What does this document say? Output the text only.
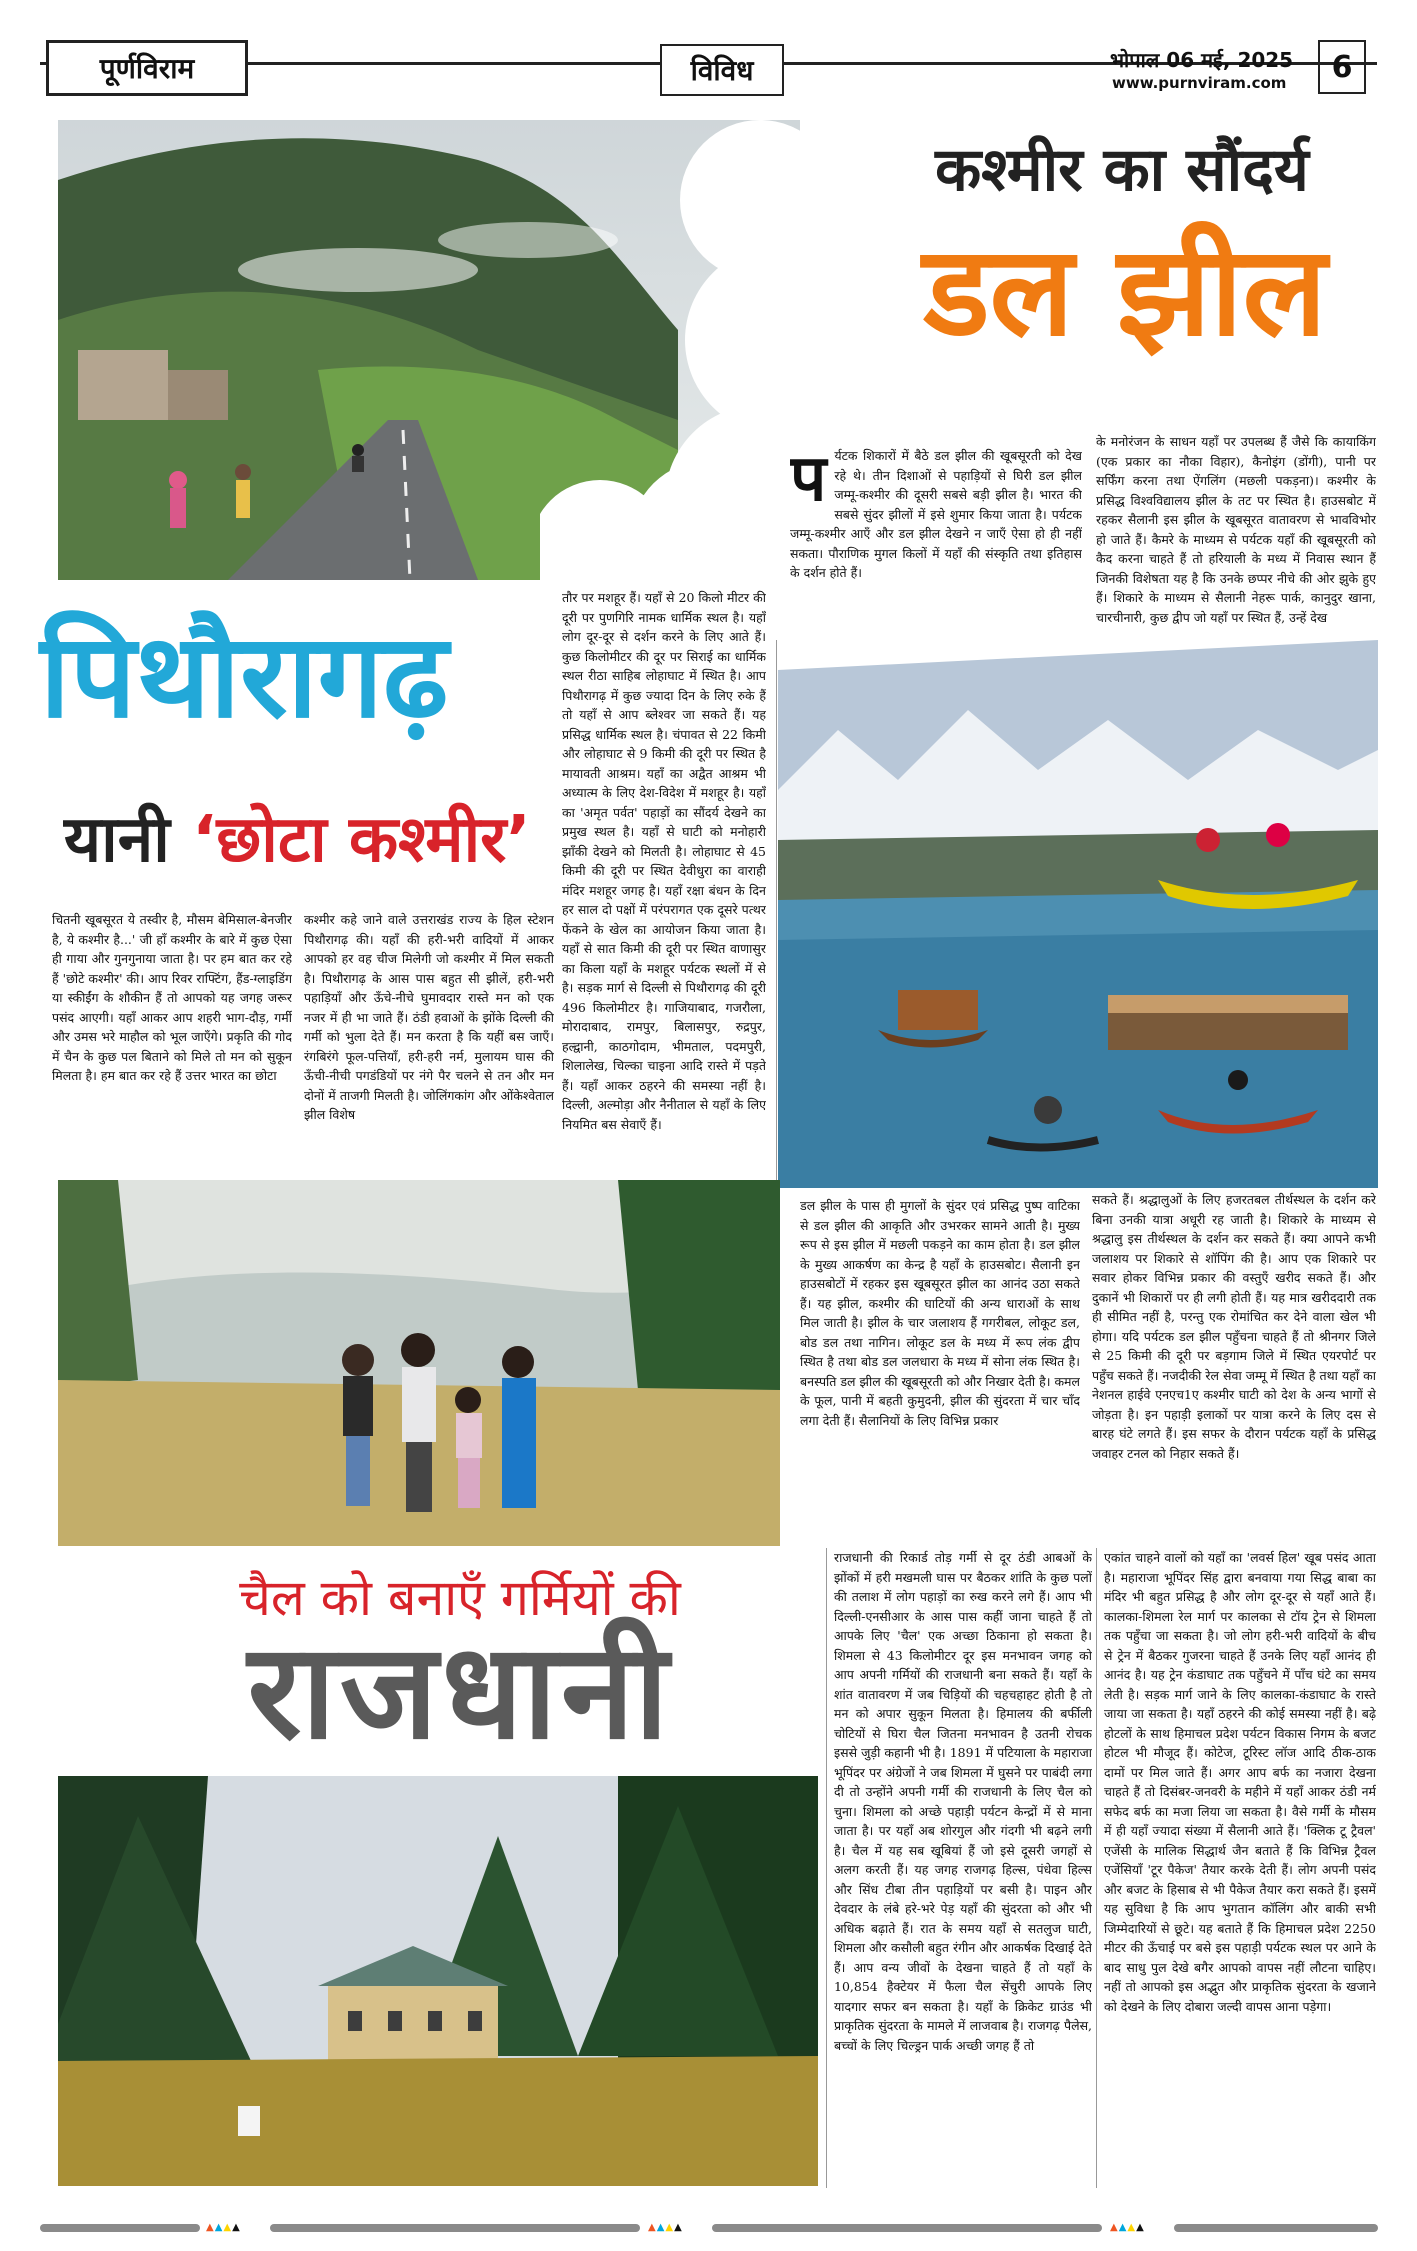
पूर्णविराम	विविध	भोपाल 06 मई, 2025
www.purnviram.com	6
कश्मीर का सौंदर्य
डल झील
प र्यटक शिकारों में बैठे डल झील की खूबसूरती को देख रहे थे। तीन दिशाओं से पहाड़ियों से घिरी डल झील जम्मू-कश्मीर की दूसरी सबसे बड़ी झील है। भारत की सबसे सुंदर झीलों में इसे शुमार किया जाता है। पर्यटक जम्मू-कश्मीर आएँ और डल झील देखने न जाएँ ऐसा हो ही नहीं सकता। पौराणिक मुगल किलों में यहाँ की संस्कृति तथा इतिहास के दर्शन होते हैं।
के मनोरंजन के साधन यहाँ पर उपलब्ध हैं जैसे कि कायाकिंग (एक प्रकार का नौका विहार), कैनोइंग (डोंगी), पानी पर सर्फिंग करना तथा ऐंगलिंग (मछली पकड़ना)। कश्मीर के प्रसिद्ध विश्वविद्यालय झील के तट पर स्थित है। हाउसबोट में रहकर सैलानी इस झील के खूबसूरत वातावरण से भावविभोर हो जाते हैं। कैमरे के माध्यम से पर्यटक यहाँ की खूबसूरती को कैद करना चाहते हैं तो हरियाली के मध्य में निवास स्थान हैं जिनकी विशेषता यह है कि उनके छप्पर नीचे की ओर झुके हुए हैं। शिकारे के माध्यम से सैलानी नेहरू पार्क, कानुदुर खाना, चारचीनारी, कुछ द्वीप जो यहाँ पर स्थित हैं, उन्हें देख
पिथौरागढ़
यानी ‘छोटा कश्मीर’
चितनी खूबसूरत ये तस्वीर है, मौसम बेमिसाल-बेनजीर है, ये कश्मीर है...' जी हाँ कश्मीर के बारे में कुछ ऐसा ही गाया और गुनगुनाया जाता है। पर हम बात कर रहे हैं 'छोटे कश्मीर' की। आप रिवर राफ्टिंग, हैंड-ग्लाइडिंग या स्कीईंग के शौकीन हैं तो आपको यह जगह जरूर पसंद आएगी। यहाँ आकर आप शहरी भाग-दौड़, गर्मी और उमस भरे माहौल को भूल जाएँगे। प्रकृति की गोद में चैन के कुछ पल बिताने को मिले तो मन को सुकून मिलता है। हम बात कर रहे हैं उत्तर भारत का छोटा
कश्मीर कहे जाने वाले उत्तराखंड राज्य के हिल स्टेशन पिथौरागढ़ की। यहाँ की हरी-भरी वादियों में आकर आपको हर वह चीज मिलेगी जो कश्मीर में मिल सकती है। पिथौरागढ़ के आस पास बहुत सी झीलें, हरी-भरी पहाड़ियाँ और ऊँचे-नीचे घुमावदार रास्ते मन को एक नजर में ही भा जाते हैं। ठंडी हवाओं के झोंके दिल्ली की गर्मी को भुला देते हैं। मन करता है कि यहीं बस जाएँ। रंगबिरंगे फूल-पत्तियाँ, हरी-हरी नर्म, मुलायम घास की ऊँची-नीची पगडंडियों पर नंगे पैर चलने से तन और मन दोनों में ताजगी मिलती है। जोलिंगकांग और ओंकेश्वेताल झील विशेष
तौर पर मशहूर हैं। यहाँ से 20 किलो मीटर की दूरी पर पुणगिरि नामक धार्मिक स्थल है। यहाँ लोग दूर-दूर से दर्शन करने के लिए आते हैं। कुछ किलोमीटर की दूर पर सिराई का धार्मिक स्थल रीठा साहिब लोहाघाट में स्थित है। आप पिथौरागढ़ में कुछ ज्यादा दिन के लिए रुके हैं तो यहाँ से आप ब्लेश्वर जा सकते हैं। यह प्रसिद्ध धार्मिक स्थल है। चंपावत से 22 किमी और लोहाघाट से 9 किमी की दूरी पर स्थित है मायावती आश्रम। यहाँ का अद्वैत आश्रम भी अध्यात्म के लिए देश-विदेश में मशहूर है। यहाँ का 'अमृत पर्वत' पहाड़ों का सौंदर्य देखने का प्रमुख स्थल है। यहाँ से घाटी को मनोहारी झाँकी देखने को मिलती है। लोहाघाट से 45 किमी की दूरी पर स्थित देवीधुरा का वाराही मंदिर मशहूर जगह है। यहाँ रक्षा बंधन के दिन हर साल दो पक्षों में परंपरागत एक दूसरे पत्थर फेंकने के खेल का आयोजन किया जाता है। यहाँ से सात किमी की दूरी पर स्थित वाणासुर का किला यहाँ के मशहूर पर्यटक स्थलों में से है। सड़क मार्ग से दिल्ली से पिथौरागढ़ की दूरी 496 किलोमीटर है। गाजियाबाद, गजरौला, मोरादाबाद, रामपुर, बिलासपुर, रुद्रपुर, हल्द्वानी, काठगोदाम, भीमताल, पदमपुरी, शिलालेख, चिल्का चाइना आदि रास्ते में पड़ते हैं। यहाँ आकर ठहरने की समस्या नहीं है। दिल्ली, अल्मोड़ा और नैनीताल से यहाँ के लिए नियमित बस सेवाएँ हैं।
डल झील के पास ही मुगलों के सुंदर एवं प्रसिद्ध पुष्प वाटिका से डल झील की आकृति और उभरकर सामने आती है। मुख्य रूप से इस झील में मछली पकड़ने का काम होता है। डल झील के मुख्य आकर्षण का केन्द्र है यहाँ के हाउसबोट। सैलानी इन हाउसबोटों में रहकर इस खूबसूरत झील का आनंद उठा सकते हैं। यह झील, कश्मीर की घाटियों की अन्य धाराओं के साथ मिल जाती है। झील के चार जलाशय हैं गगरीबल, लोकूट डल, बोड डल तथा नागिन। लोकूट डल के मध्य में रूप लंक द्वीप स्थित है तथा बोड डल जलधारा के मध्य में सोना लंक स्थित है। बनस्पति डल झील की खूबसूरती को और निखार देती है। कमल के फूल, पानी में बहती कुमुदनी, झील की सुंदरता में चार चाँद लगा देती हैं। सैलानियों के लिए विभिन्न प्रकार
सकते हैं। श्रद्धालुओं के लिए हजरतबल तीर्थस्थल के दर्शन करे बिना उनकी यात्रा अधूरी रह जाती है। शिकारे के माध्यम से श्रद्धालु इस तीर्थस्थल के दर्शन कर सकते हैं। क्या आपने कभी जलाशय पर शिकारे से शॉपिंग की है। आप एक शिकारे पर सवार होकर विभिन्न प्रकार की वस्तुएँ खरीद सकते हैं। और दुकानें भी शिकारों पर ही लगी होती हैं। यह मात्र खरीददारी तक ही सीमित नहीं है, परन्तु एक रोमांचित कर देने वाला खेल भी होगा। यदि पर्यटक डल झील पहुँचना चाहते हैं तो श्रीनगर जिले से 25 किमी की दूरी पर बड़गाम जिले में स्थित एयरपोर्ट पर पहुँच सकते हैं। नजदीकी रेल सेवा जम्मू में स्थित है तथा यहाँ का नेशनल हाईवे एनएच1ए कश्मीर घाटी को देश के अन्य भागों से जोड़ता है। इन पहाड़ी इलाकों पर यात्रा करने के लिए दस से बारह घंटे लगते हैं। इस सफर के दौरान पर्यटक यहाँ के प्रसिद्ध जवाहर टनल को निहार सकते हैं।
चैल को बनाएँ गर्मियों की
राजधानी
राजधानी की रिकार्ड तोड़ गर्मी से दूर ठंडी आबओं के झोंकों में हरी मखमली घास पर बैठकर शांति के कुछ पलों की तलाश में लोग पहाड़ों का रुख करने लगे हैं। आप भी दिल्ली-एनसीआर के आस पास कहीं जाना चाहते हैं तो आपके लिए 'चैल' एक अच्छा ठिकाना हो सकता है। शिमला से 43 किलोमीटर दूर इस मनभावन जगह को आप अपनी गर्मियों की राजधानी बना सकते हैं। यहाँ के शांत वातावरण में जब चिड़ियों की चहचहाहट होती है तो मन को अपार सुकून मिलता है। हिमालय की बर्फीली चोटियों से घिरा चैल जितना मनभावन है उतनी रोचक इससे जुड़ी कहानी भी है। 1891 में पटियाला के महाराजा भूपिंदर पर अंग्रेजों ने जब शिमला में घुसने पर पाबंदी लगा दी तो उन्होंने अपनी गर्मी की राजधानी के लिए चैल को चुना। शिमला को अच्छे पहाड़ी पर्यटन केन्द्रों में से माना जाता है। पर यहाँ अब शोरगुल और गंदगी भी बढ़ने लगी है। चैल में यह सब खूबियां हैं जो इसे दूसरी जगहों से अलग करती हैं। यह जगह राजगढ़ हिल्स, पंधेवा हिल्स और सिंध टीबा तीन पहाड़ियों पर बसी है। पाइन और देवदार के लंबे हरे-भरे पेड़ यहाँ की सुंदरता को और भी अधिक बढ़ाते हैं। रात के समय यहाँ से सतलुज घाटी, शिमला और कसौली बहुत रंगीन और आकर्षक दिखाई देते हैं। आप वन्य जीवों के देखना चाहते हैं तो यहाँ के 10,854 हैक्टेयर में फैला चैल सेंचुरी आपके लिए यादगार सफर बन सकता है। यहाँ के क्रिकेट ग्राउंड भी प्राकृतिक सुंदरता के मामले में लाजवाब है। राजगढ़ पैलेस, बच्चों के लिए चिल्ड्रन पार्क अच्छी जगह हैं तो
एकांत चाहने वालों को यहाँ का 'लवर्स हिल' खूब पसंद आता है। महाराजा भूपिंदर सिंह द्वारा बनवाया गया सिद्ध बाबा का मंदिर भी बहुत प्रसिद्ध है और लोग दूर-दूर से यहाँ आते हैं। कालका-शिमला रेल मार्ग पर कालका से टॉय ट्रेन से शिमला तक पहुँचा जा सकता है। जो लोग हरी-भरी वादियों के बीच से ट्रेन में बैठकर गुजरना चाहते हैं उनके लिए यहाँ आनंद ही आनंद है। यह ट्रेन कंडाघाट तक पहुँचने में पाँच घंटे का समय लेती है। सड़क मार्ग जाने के लिए कालका-कंडाघाट के रास्ते जाया जा सकता है। यहाँ ठहरने की कोई समस्या नहीं है। बढ़े होटलों के साथ हिमाचल प्रदेश पर्यटन विकास निगम के बजट होटल भी मौजूद हैं। कोटेज, टूरिस्ट लॉज आदि ठीक-ठाक दामों पर मिल जाते हैं। अगर आप बर्फ का नजारा देखना चाहते हैं तो दिसंबर-जनवरी के महीने में यहाँ आकर ठंडी नर्म सफेद बर्फ का मजा लिया जा सकता है। वैसे गर्मी के मौसम में ही यहाँ ज्यादा संख्या में सैलानी आते हैं। 'क्लिक टू ट्रैवल' एजेंसी के मालिक सिद्धार्थ जैन बताते हैं कि विभिन्न ट्रैवल एजेंसियाँ 'टूर पैकेज' तैयार करके देती हैं। लोग अपनी पसंद और बजट के हिसाब से भी पैकेज तैयार करा सकते हैं। इसमें यह सुविधा है कि आप भुगतान कॉलिंग और बाकी सभी जिम्मेदारियों से छूटे। यह बताते हैं कि हिमाचल प्रदेश 2250 मीटर की ऊँचाई पर बसे इस पहाड़ी पर्यटक स्थल पर आने के बाद साधु पुल देखे बगैर आपको वापस नहीं लौटना चाहिए। नहीं तो आपको इस अद्भुत और प्राकृतिक सुंदरता के खजाने को देखने के लिए दोबारा जल्दी वापस आना पड़ेगा।
▲▲▲▲	▲▲▲▲	▲▲▲▲
